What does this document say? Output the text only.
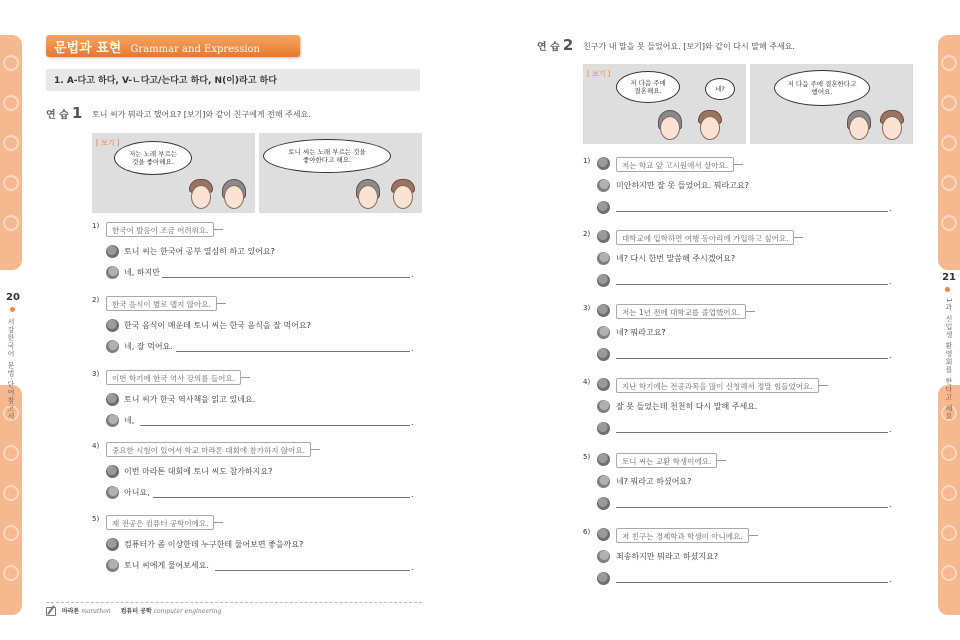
20
서강한국어 문법·단어참고서
21
1과 신입생 환영회를 한다고 해요
문법과 표현 Grammar and Expression
1. A-다고 하다, V-ㄴ다고/는다고 하다, N(이)라고 하다
연 습 1 토니 씨가 뭐라고 했어요? [보기]와 같이 친구에게 전해 주세요.
[ 보기 ]
저는 노래 부르는
것을 좋아해요.
토니 씨는 노래 부르는 것을
좋아한다고 해요.
1)	한국어 발음이 조금 어려워요.
토니 씨는 한국어 공부 열심히 하고 있어요?
네, 하지만	.
2)	한국 음식이 별로 맵지 않아요.
한국 음식이 매운데 토니 씨는 한국 음식을 잘 먹어요?
네, 잘 먹어요.	.
3)	이번 학기에 한국 역사 강의를 들어요.
토니 씨가 한국 역사책을 읽고 있네요.
네,	.
4)	중요한 시험이 있어서 학교 마라톤 대회에 참가하지 않아요.
이번 마라톤 대회에 토니 씨도 참가하지요?
아니요,	.
5)	제 전공은 컴퓨터 공학이에요.
컴퓨터가 좀 이상한데 누구한테 물어보면 좋을까요?
토니 씨에게 물어보세요.	.
마라톤 marathon 컴퓨터 공학 computer engineering
연 습 2 친구가 내 말을 못 들었어요. [보기]와 같이 다시 말해 주세요.
[ 보기 ]
저 다음 주에
결혼해요.	네?
저 다음 주에 결혼한다고
했어요.
1)	저는 학교 앞 고시원에서 살아요.
미안하지만 잘 못 들었어요. 뭐라고요?
.
2)	대학교에 입학하면 여행 동아리에 가입하고 싶어요.
네? 다시 한번 말씀해 주시겠어요?
.
3)	저는 1년 전에 대학교를 졸업했어요.
네? 뭐라고요?
.
4)	지난 학기에는 전공과목을 많이 신청해서 정말 힘들었어요.
잘 못 들었는데 천천히 다시 말해 주세요.
.
5)	토니 씨는 교환 학생이에요.
네? 뭐라고 하셨어요?
.
6)	저 친구는 경제학과 학생이 아니에요.
죄송하지만 뭐라고 하셨지요?
.
